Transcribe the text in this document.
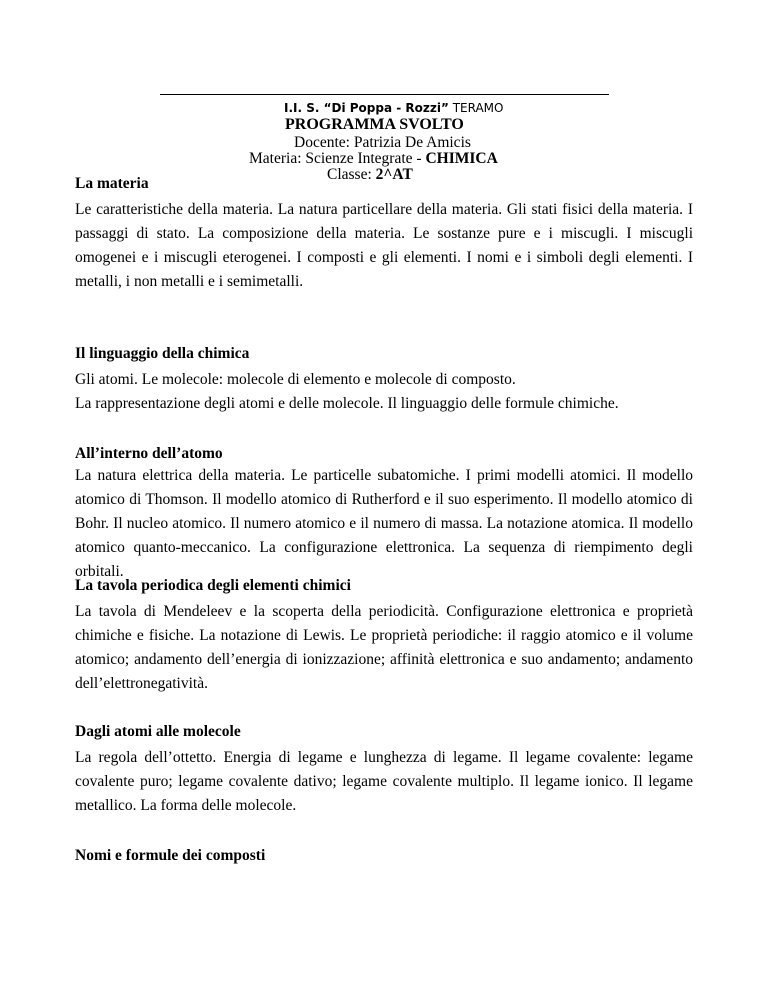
I.I. S. “Di Poppa - Rozzi” TERAMO
PROGRAMMA SVOLTO
Docente: Patrizia De Amicis
Materia: Scienze Integrate - CHIMICA
Classe: 2^AT

La materia

Le caratteristiche della materia. La natura particellare della materia. Gli stati fisici della materia. I passaggi di stato. La composizione della materia. Le sostanze pure e i miscugli. I miscugli omogenei e i miscugli eterogenei. I composti e gli elementi. I nomi e i simboli degli elementi. I metalli, i non metalli e i semimetalli.

Il linguaggio della chimica

Gli atomi. Le molecole: molecole di elemento e molecole di composto.

La rappresentazione degli atomi e delle molecole. Il linguaggio delle formule chimiche.

All’interno dell’atomo

La natura elettrica della materia. Le particelle subatomiche. I primi modelli atomici. Il modello atomico di Thomson. Il modello atomico di Rutherford e il suo esperimento. Il modello atomico di Bohr. Il nucleo atomico. Il numero atomico e il numero di massa. La notazione atomica. Il modello atomico quanto-meccanico. La configurazione elettronica. La sequenza di riempimento degli orbitali.

La tavola periodica degli elementi chimici

La tavola di Mendeleev e la scoperta della periodicità. Configurazione elettronica e proprietà chimiche e fisiche. La notazione di Lewis. Le proprietà periodiche: il raggio atomico e il volume atomico; andamento dell’energia di ionizzazione; affinità elettronica e suo andamento; andamento dell’elettronegatività.

Dagli atomi alle molecole

La regola dell’ottetto. Energia di legame e lunghezza di legame. Il legame covalente: legame covalente puro; legame covalente dativo; legame covalente multiplo. Il legame ionico. Il legame metallico. La forma delle molecole.

Nomi e formule dei composti
